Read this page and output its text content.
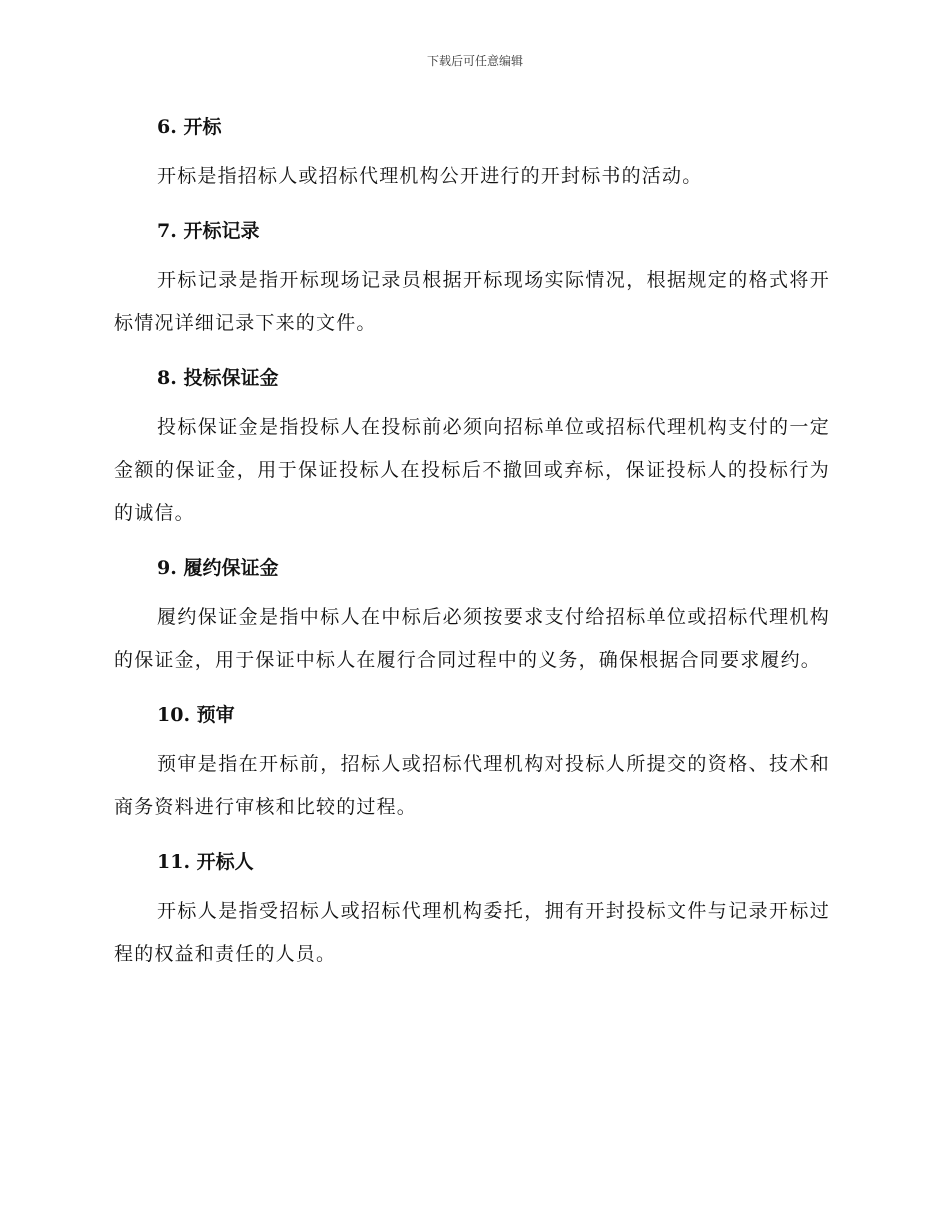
下载后可任意编辑
6. 开标

开标是指招标人或招标代理机构公开进行的开封标书的活动。

7. 开标记录

开标记录是指开标现场记录员根据开标现场实际情况，根据规定的格式将开标情况详细记录下来的文件。

8. 投标保证金

投标保证金是指投标人在投标前必须向招标单位或招标代理机构支付的一定金额的保证金，用于保证投标人在投标后不撤回或弃标，保证投标人的投标行为的诚信。

9. 履约保证金

履约保证金是指中标人在中标后必须按要求支付给招标单位或招标代理机构的保证金，用于保证中标人在履行合同过程中的义务，确保根据合同要求履约。

10. 预审

预审是指在开标前，招标人或招标代理机构对投标人所提交的资格、技术和商务资料进行审核和比较的过程。

11. 开标人

开标人是指受招标人或招标代理机构委托，拥有开封投标文件与记录开标过程的权益和责任的人员。
